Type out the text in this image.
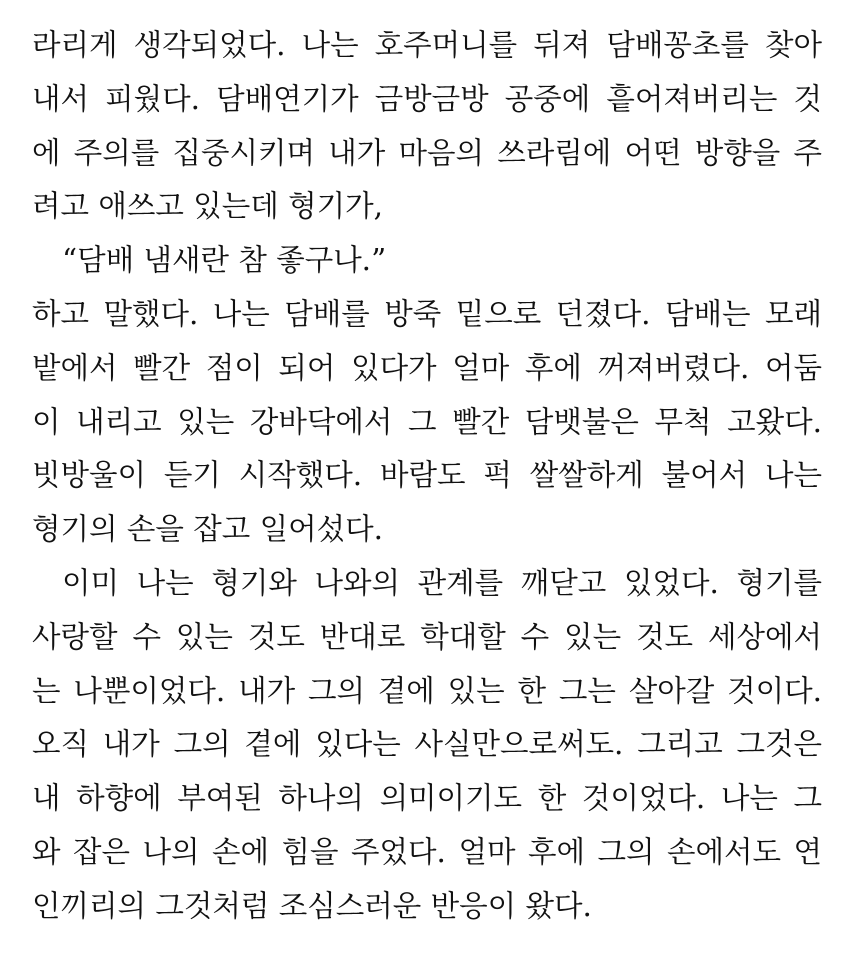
라리게 생각되었다. 나는 호주머니를 뒤져 담배꽁초를 찾아
내서 피웠다. 담배연기가 금방금방 공중에 흩어져버리는 것
에 주의를 집중시키며 내가 마음의 쓰라림에 어떤 방향을 주
려고 애쓰고 있는데 형기가,
“담배 냄새란 참 좋구나.”
하고 말했다. 나는 담배를 방죽 밑으로 던졌다. 담배는 모래
밭에서 빨간 점이 되어 있다가 얼마 후에 꺼져버렸다. 어둠
이 내리고 있는 강바닥에서 그 빨간 담뱃불은 무척 고왔다.
빗방울이 듣기 시작했다. 바람도 퍽 쌀쌀하게 불어서 나는
형기의 손을 잡고 일어섰다.
이미 나는 형기와 나와의 관계를 깨닫고 있었다. 형기를
사랑할 수 있는 것도 반대로 학대할 수 있는 것도 세상에서
는 나뿐이었다. 내가 그의 곁에 있는 한 그는 살아갈 것이다.
오직 내가 그의 곁에 있다는 사실만으로써도. 그리고 그것은
내 하향에 부여된 하나의 의미이기도 한 것이었다. 나는 그
와 잡은 나의 손에 힘을 주었다. 얼마 후에 그의 손에서도 연
인끼리의 그것처럼 조심스러운 반응이 왔다.
